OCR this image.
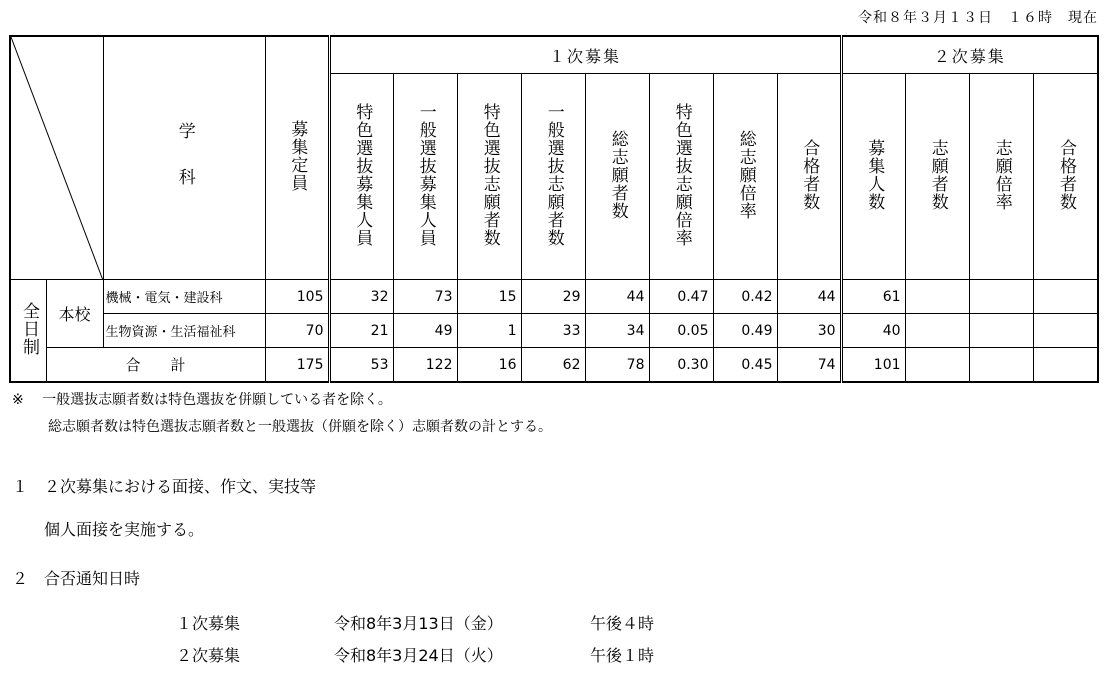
令和８年３月１３日　１６時　現在
	学　科	募集定員	１次募集								２次募集			
				特色選抜募集人員	一般選抜募集人員	特色選抜志願者数	一般選抜志願者数	総志願者数	特色選抜志願倍率	総志願倍率	合格者数	募集人数	志願者数	志願倍率	合格者数
全日制	本校	機械・電気・建設科	105	32	73	15	29	44	0.47	0.42	44	61			
		生物資源・生活福祉科	70	21	49	1	33	34	0.05	0.49	30	40			
	合　　計		175	53	122	16	62	78	0.30	0.45	74	101			
※ 一般選抜志願者数は特色選抜を併願している者を除く。
総志願者数は特色選抜志願者数と一般選抜（併願を除く）志願者数の計とする。
１　２次募集における面接、作文、実技等
個人面接を実施する。
２　合否通知日時
１次募集	令和8年3月13日（金）	午後４時
２次募集	令和8年3月24日（火）	午後１時
